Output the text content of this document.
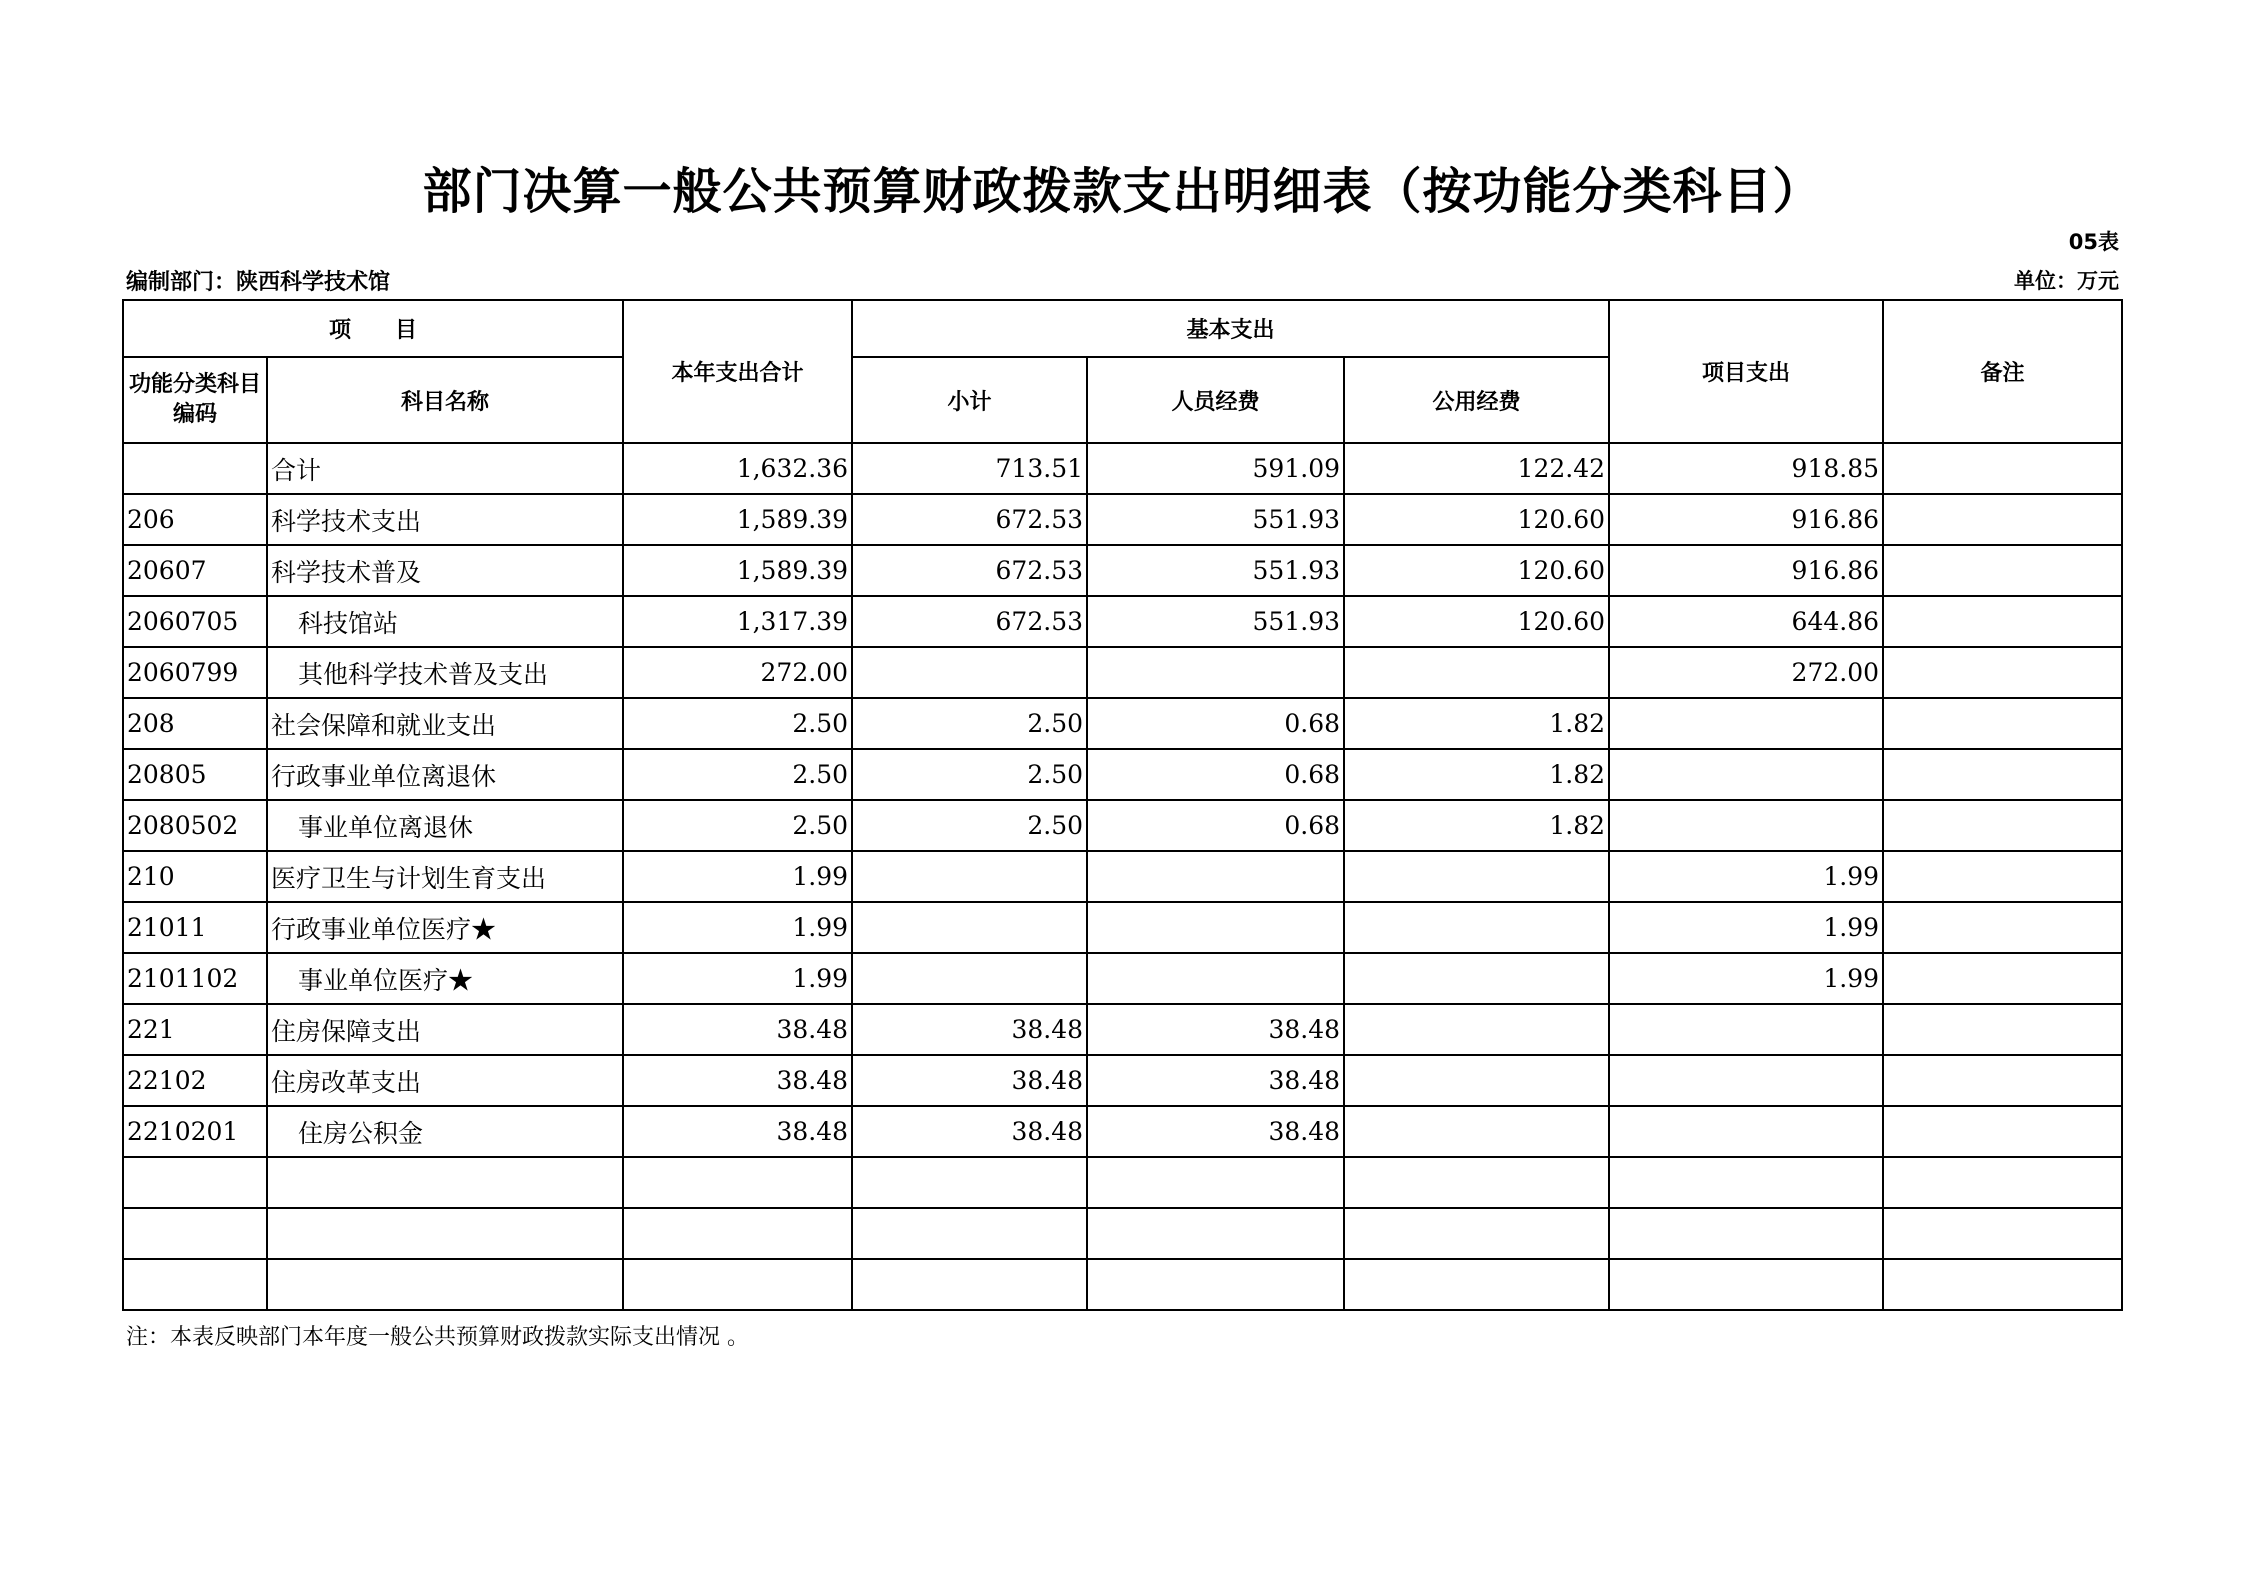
部门决算一般公共预算财政拨款支出明细表（按功能分类科目）
05表
编制部门：陕西科学技术馆	单位：万元
项　　目		本年支出合计	基本支出			项目支出	备注
功能分类科目编码	科目名称		小计	人员经费	公用经费		
	合计	1,632.36	713.51	591.09	122.42	918.85	
206	科学技术支出	1,589.39	672.53	551.93	120.60	916.86	
20607	科学技术普及	1,589.39	672.53	551.93	120.60	916.86	
2060705	科技馆站	1,317.39	672.53	551.93	120.60	644.86	
2060799	其他科学技术普及支出	272.00				272.00	
208	社会保障和就业支出	2.50	2.50	0.68	1.82		
20805	行政事业单位离退休	2.50	2.50	0.68	1.82		
2080502	事业单位离退休	2.50	2.50	0.68	1.82		
210	医疗卫生与计划生育支出	1.99				1.99	
21011	行政事业单位医疗★	1.99				1.99	
2101102	事业单位医疗★	1.99				1.99	
221	住房保障支出	38.48	38.48	38.48			
22102	住房改革支出	38.48	38.48	38.48			
2210201	住房公积金	38.48	38.48	38.48			

注：本表反映部门本年度一般公共预算财政拨款实际支出情况 。
